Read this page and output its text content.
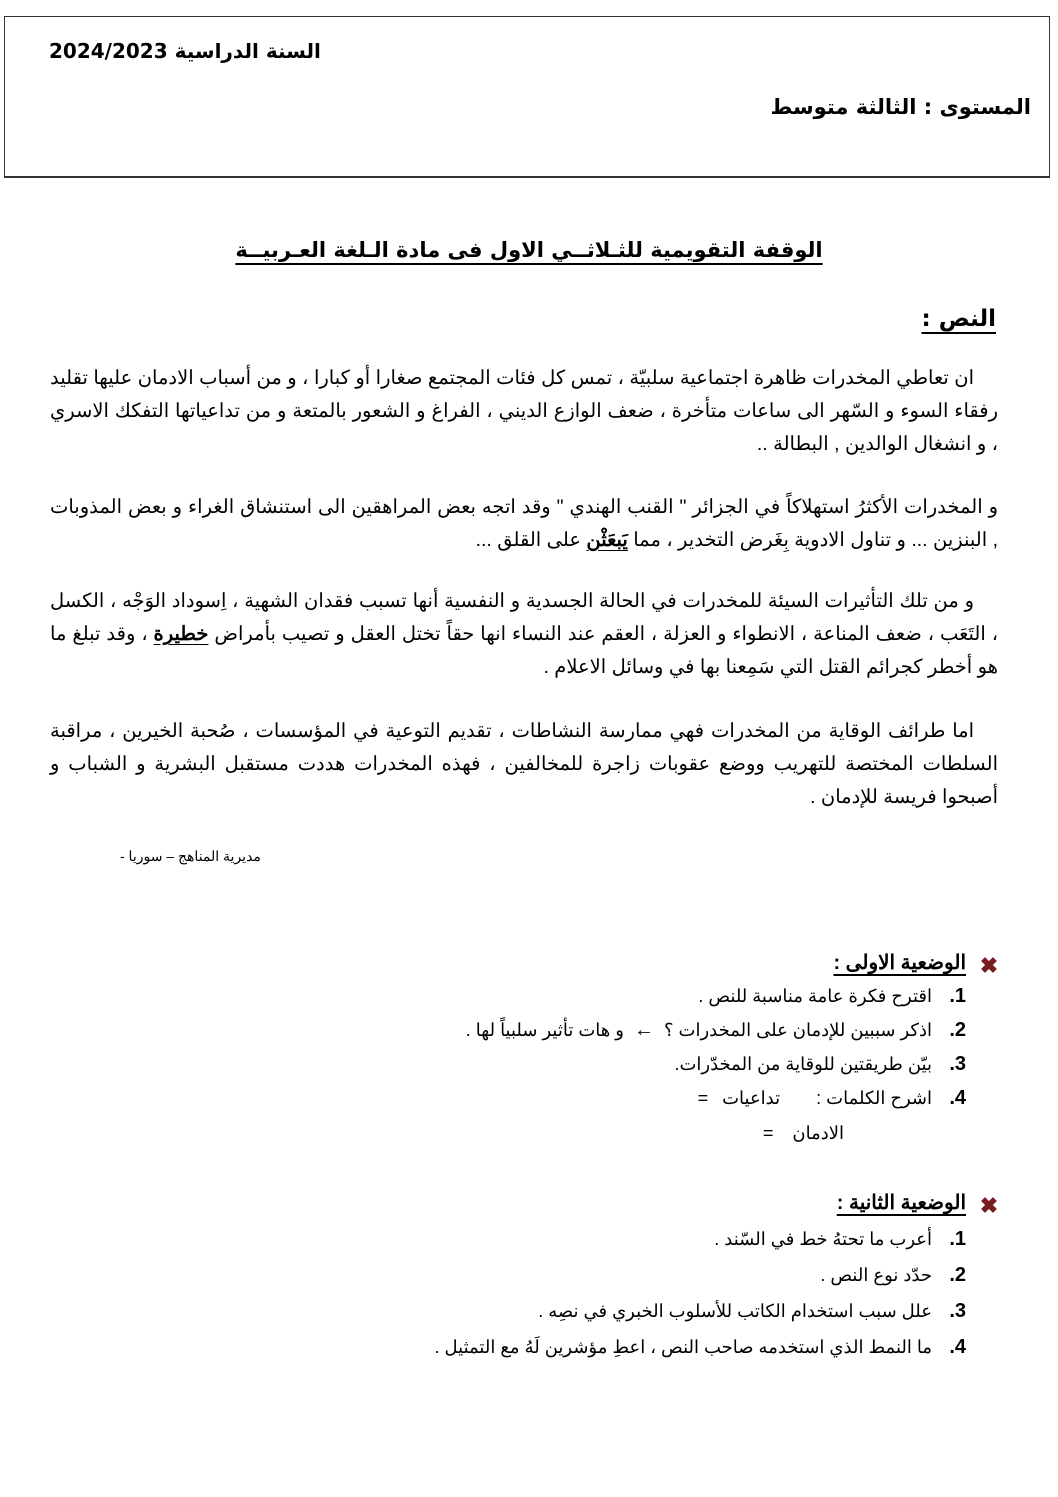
السنة الدراسية 2024/2023
المستوى : الثالثة متوسط
الوقفة التقويمية للثـلاثــي الاول فى مادة الـلغة العـربيــة
النص :
ان تعاطي المخدرات ظاهرة اجتماعية سلبيّة ، تمس كل فئات المجتمع صغارا أو كبارا ، و من أسباب الادمان عليها تقليد رفقاء السوء و السّهر الى ساعات متأخرة ، ضعف الوازع الديني ، الفراغ و الشعور بالمتعة و من تداعياتها التفكك الاسري ، و انشغال الوالدين , البطالة ..
و المخدرات الأكثرُ استهلاكاً في الجزائر " القنب الهندي " وقد اتجه بعض المراهقين الى استنشاق الغراء و بعض المذوبات , البنزين ... و تناول الادوية بِغَرض التخدير ، مما يَبعَثْن على القلق ...
و من تلك التأثيرات السيئة للمخدرات في الحالة الجسدية و النفسية أنها تسبب فقدان الشهية ، اِسوداد الوَجْه ، الكسل ، التَعَب ، ضعف المناعة ، الانطواء و العزلة ، العقم عند النساء انها حقاً تختل العقل و تصيب بأمراض خطيرة ، وقد تبلغ ما هو أخطر كجرائم القتل التي سَمِعنا بها في وسائل الاعلام .
اما طرائف الوقاية من المخدرات فهي ممارسة النشاطات ، تقديم التوعية في المؤسسات ، صُحبة الخيرين ، مراقبة السلطات المختصة للتهريب ووضع عقوبات زاجرة للمخالفين ، فهذه المخدرات هددت مستقبل البشرية و الشباب و أصبحوا فريسة للإدمان .
مديرية المناهج – سوريا -
✖
الوضعية الاولى :
1.
اقترح فكرة عامة مناسبة للنص .
2.
اذكر سببين للإدمان على المخدرات ؟
←
و هات تأثير سلبياً لها .
3.
بيّن طريقتين للوقاية من المخدّرات.
4.
اشرح الكلمات :
تداعيات
=
الادمان =
✖
الوضعية الثانية :
1.
أعرب ما تحتهُ خط في السّند .
2.
حدّد نوع النص .
3.
علل سبب استخدام الكاتب للأسلوب الخبري في نصِه .
4.
ما النمط الذي استخدمه صاحب النص ، اعطِ مؤشرين لَهُ مع التمثيل .
